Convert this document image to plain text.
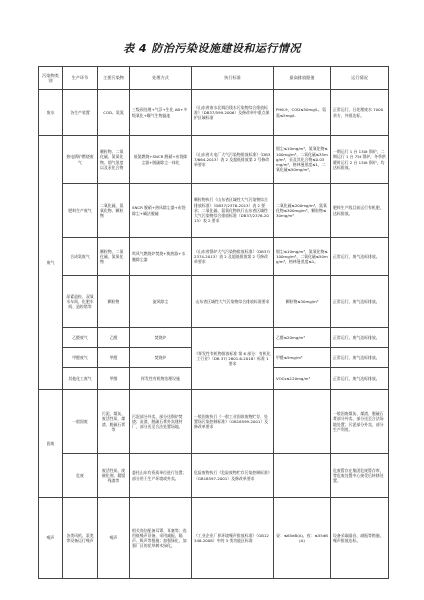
表 4 防治污染设施建设和运行情况
污染物类别	生产环节	主要污染物	处理方式	执行标准	最高排放限值	运行情况
废水	各生产装置	COD、氨氮	三级预处理+气浮+生化 AB+多级氧化+曝气生物滤池	《山东省南水北调沿线水污染物综合排放标准》（DB37/599-2006）及修改单中重点保护区域标准	PH6-9，COD≤50mg/L，氨氮≤5mg/L	正常运行，日处理废水 7000 余方，外排达标。
废气	热电锅炉燃烧废气	颗粒物、二氧化硫、氮氧化物、烟气黑度以及汞化合物	低氮燃烧+SNCR 脱硝+布袋除尘器+脱硫除尘一体化	《山东省火电厂大气污染物排放标准》（DB37/664-2013）表 2 及超低排放第 2 号修改单要求	烟尘≤10mg/m³，氮氧化物≤100mg/m³，二氧化硫≤35mg/m³，汞及其化合物≤0.03mg/m³，格林曼黑度≤1，二氧化硫≤50mg/m³。	一期运行 1 台 130t 锅炉，二期运行 1 台 75t 锅炉，冬季供暖时运行 2 台 130t 锅炉，均达标排放。
	肥料生产废气	二氧化硫、氮氧化物、颗粒物	SNCR 脱硝+热风除尘器+布袋除尘+碱法脱硫	颗粒物执行《山东省区域性大气污染物综合排放标准》（DB37/2376-2013）表 2 要求；二氧化硫、氮氧化物执行山东省区域性大气污染物综合排放标准（DB37/2376-2013）表 2 要求	二氧化硫≤200mg/m³，氮氧化物≤300mg/m³，颗粒物≤30mg/m³	肥料生产线目前运行有机肥，达标排放。
	合成氨废气	颗粒物、二氧化硫、氮氧化物	吹风气燃烧炉焚烧+换热器+水膜除尘器	《山东省锅炉大气污染物排放标准》（DB37/2374-2013）表 2 及超低排放第 2 号修改单要求	烟尘≤10mg/m³，氮氧化物≤100mg/m³，二氧化硫≤50mg/m³，格林曼黑度≤1。	正常运行，废气达标排放。
	尿素造粒、双氧水车间、化肥车间、造粒塔等	颗粒物	旋风除尘	山东省区域性大气污染物综合排放标准要求	颗粒物≤30mg/m³	正常运行，废气达标排放。
	乙醛废气	乙醛	焚烧炉	《挥发性有机物排放标准 第 6 部分：有机化工行业》（DB 37/ 2801.6-2018）标准 1 要求	乙醛≤20mg/m³	正常运行，废气达标排放。
	甲醛废气	甲醛	焚烧炉		甲醛≤5mg/m³	正常运行，废气达标排放。
	其他化工废气	甲醇	挥发性有机物治理设施		VOCs≤120mg/m³	正常运行，废气达标排放。
固废	一般固废	污泥、煤灰、废活性炭、煤渣、脱硫石膏等	污泥部分外卖，部分送锅炉焚烧；灰渣、脱硫石膏外卖建材厂，部分送至合法处置场地。	一般固废执行《一般工业固体废物贮存、处置场污染控制标准》（GB18599-2001）及修改单要求		一般固废煤灰、煤渣、脱硫石膏部分外卖，部分送至合法场地处置；污泥部分外卖，部分生产利用。
	危废	废活性炭、废催化剂、精馏残渣等	委托山东有资质单位进行处置；部分用于生产环境或外卖。	危险废物执行《危险废物贮存污染控制标准》（GB18597-2001）及修改单要求		危废暂存在集团危废暂存库，等危废处置中心接受后转移处置。
噪声	各类风机、泵类等设备运行噪声	噪声	相关岗位配备耳罩、耳塞等；选用低噪声设备，采用减振、隔声、吸声等措施；加强绿化，加强厂区的花草树木绿化。	《工业企业厂界环境噪声排放标准》（GB12348-2008）中的 3 类功能区标准	昼：≤65dB(A)，夜：≤55dB(A)	设备采取隔音、减振等措施，噪声排放达标。
